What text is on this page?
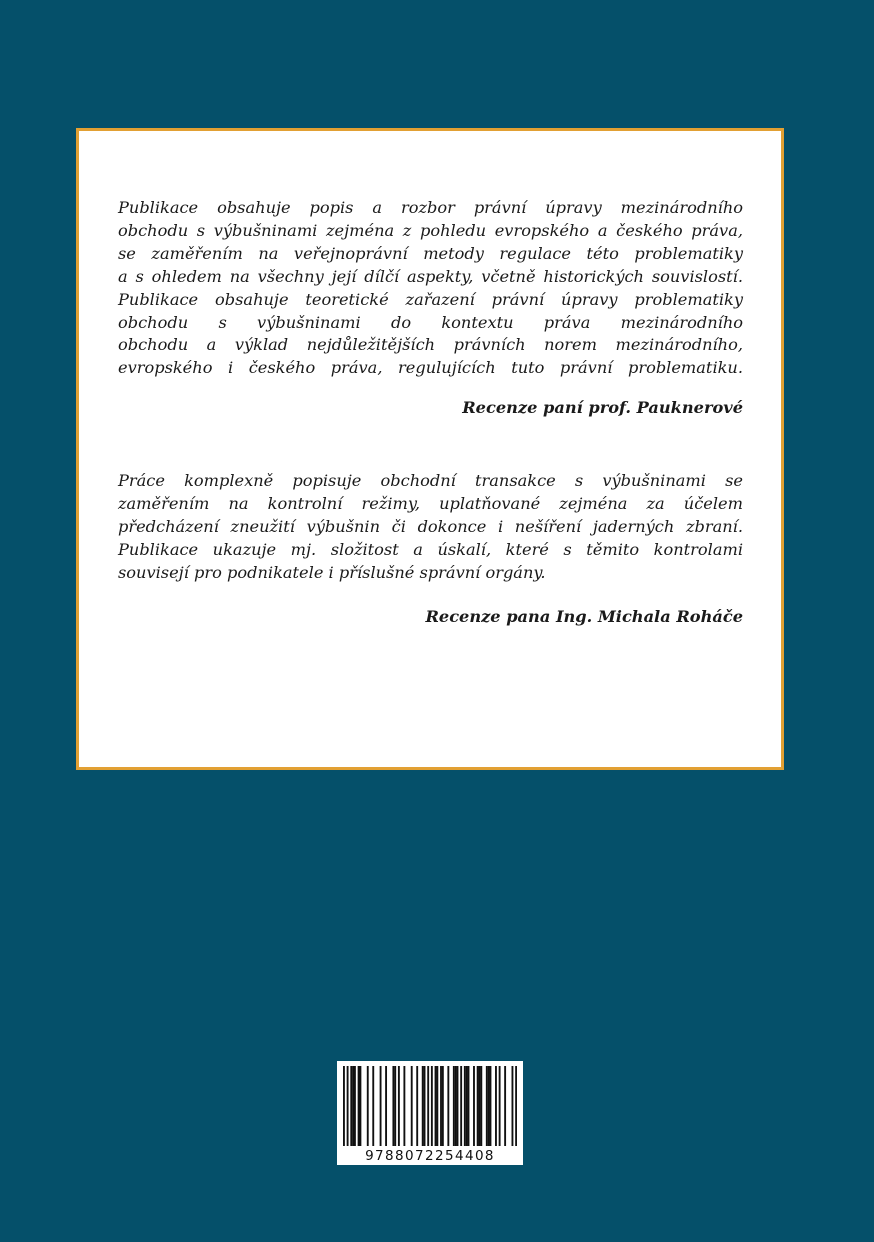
Publikace obsahuje popis a rozbor právní úpravy mezinárodního
obchodu s výbušninami zejména z pohledu evropského a českého práva,
se zaměřením na veřejnoprávní metody regulace této problematiky
a s ohledem na všechny její dílčí aspekty, včetně historických souvislostí.
Publikace obsahuje teoretické zařazení právní úpravy problematiky
obchodu s výbušninami do kontextu práva mezinárodního
obchodu a výklad nejdůležitějších právních norem mezinárodního,
evropského i českého práva, regulujících tuto právní problematiku.

Recenze paní prof. Pauknerové

Práce komplexně popisuje obchodní transakce s výbušninami se
zaměřením na kontrolní režimy, uplatňované zejména za účelem
předcházení zneužití výbušnin či dokonce i nešíření jaderných zbraní.
Publikace ukazuje mj. složitost a úskalí, které s těmito kontrolami
souvisejí pro podnikatele i příslušné správní orgány.

Recenze pana Ing. Michala Roháče

9788072254408
